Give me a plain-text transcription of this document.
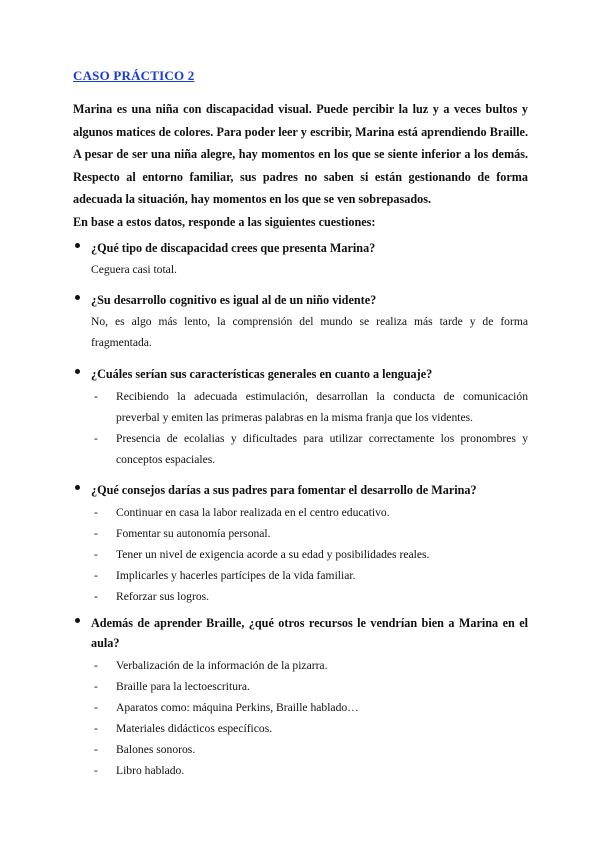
CASO PRÁCTICO 2

Marina es una niña con discapacidad visual. Puede percibir la luz y a veces bultos y algunos matices de colores. Para poder leer y escribir, Marina está aprendiendo Braille. A pesar de ser una niña alegre, hay momentos en los que se siente inferior a los demás. Respecto al entorno familiar, sus padres no saben si están gestionando de forma adecuada la situación, hay momentos en los que se ven sobrepasados.

En base a estos datos, responde a las siguientes cuestiones:

¿Qué tipo de discapacidad crees que presenta Marina?
Ceguera casi total.
¿Su desarrollo cognitivo es igual al de un niño vidente?
No, es algo más lento, la comprensión del mundo se realiza más tarde y de forma fragmentada.
¿Cuáles serían sus características generales en cuanto a lenguaje?
- Recibiendo la adecuada estimulación, desarrollan la conducta de comunicación preverbal y emiten las primeras palabras en la misma franja que los videntes.
- Presencia de ecolalias y dificultades para utilizar correctamente los pronombres y conceptos espaciales.
¿Qué consejos darías a sus padres para fomentar el desarrollo de Marina?
- Continuar en casa la labor realizada en el centro educativo.
- Fomentar su autonomía personal.
- Tener un nivel de exigencia acorde a su edad y posibilidades reales.
- Implicarles y hacerles partícipes de la vida familiar.
- Reforzar sus logros.
Además de aprender Braille, ¿qué otros recursos le vendrían bien a Marina en el aula?
- Verbalización de la información de la pizarra.
- Braille para la lectoescritura.
- Aparatos como: máquina Perkins, Braille hablado…
- Materiales didácticos específicos.
- Balones sonoros.
- Libro hablado.
